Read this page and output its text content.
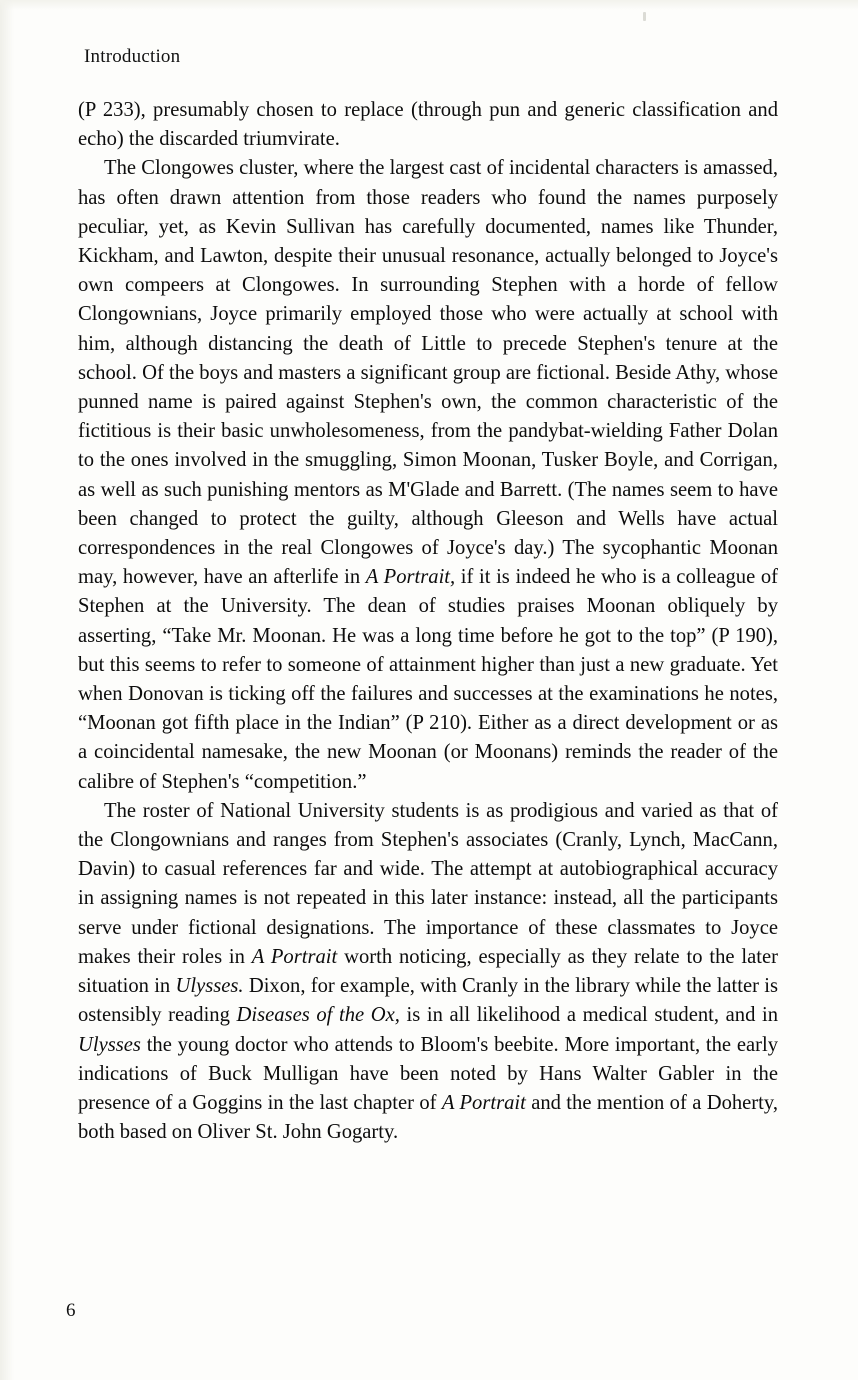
Introduction

(P 233), presumably chosen to replace (through pun and generic classification and echo) the discarded triumvirate.

The Clongowes cluster, where the largest cast of incidental characters is amassed, has often drawn attention from those readers who found the names purposely peculiar, yet, as Kevin Sullivan has carefully documented, names like Thunder, Kickham, and Lawton, despite their unusual resonance, actually belonged to Joyce's own compeers at Clongowes. In surrounding Stephen with a horde of fellow Clongownians, Joyce primarily employed those who were actually at school with him, although distancing the death of Little to precede Stephen's tenure at the school. Of the boys and masters a significant group are fictional. Beside Athy, whose punned name is paired against Stephen's own, the common characteristic of the fictitious is their basic unwholesomeness, from the pandybat-wielding Father Dolan to the ones involved in the smuggling, Simon Moonan, Tusker Boyle, and Corrigan, as well as such punishing mentors as M'Glade and Barrett. (The names seem to have been changed to protect the guilty, although Gleeson and Wells have actual correspondences in the real Clongowes of Joyce's day.) The sycophantic Moonan may, however, have an afterlife in A Portrait, if it is indeed he who is a colleague of Stephen at the University. The dean of studies praises Moonan obliquely by asserting, “Take Mr. Moonan. He was a long time before he got to the top” (P 190), but this seems to refer to someone of attainment higher than just a new graduate. Yet when Donovan is ticking off the failures and successes at the examinations he notes, “Moonan got fifth place in the Indian” (P 210). Either as a direct development or as a coincidental namesake, the new Moonan (or Moonans) reminds the reader of the calibre of Stephen's “competition.”

The roster of National University students is as prodigious and varied as that of the Clongownians and ranges from Stephen's associates (Cranly, Lynch, MacCann, Davin) to casual references far and wide. The attempt at autobiographical accuracy in assigning names is not repeated in this later instance: instead, all the participants serve under fictional designations. The importance of these classmates to Joyce makes their roles in A Portrait worth noticing, especially as they relate to the later situation in Ulysses. Dixon, for example, with Cranly in the library while the latter is ostensibly reading Diseases of the Ox, is in all likelihood a medical student, and in Ulysses the young doctor who attends to Bloom's beebite. More important, the early indications of Buck Mulligan have been noted by Hans Walter Gabler in the presence of a Goggins in the last chapter of A Portrait and the mention of a Doherty, both based on Oliver St. John Gogarty.

6
